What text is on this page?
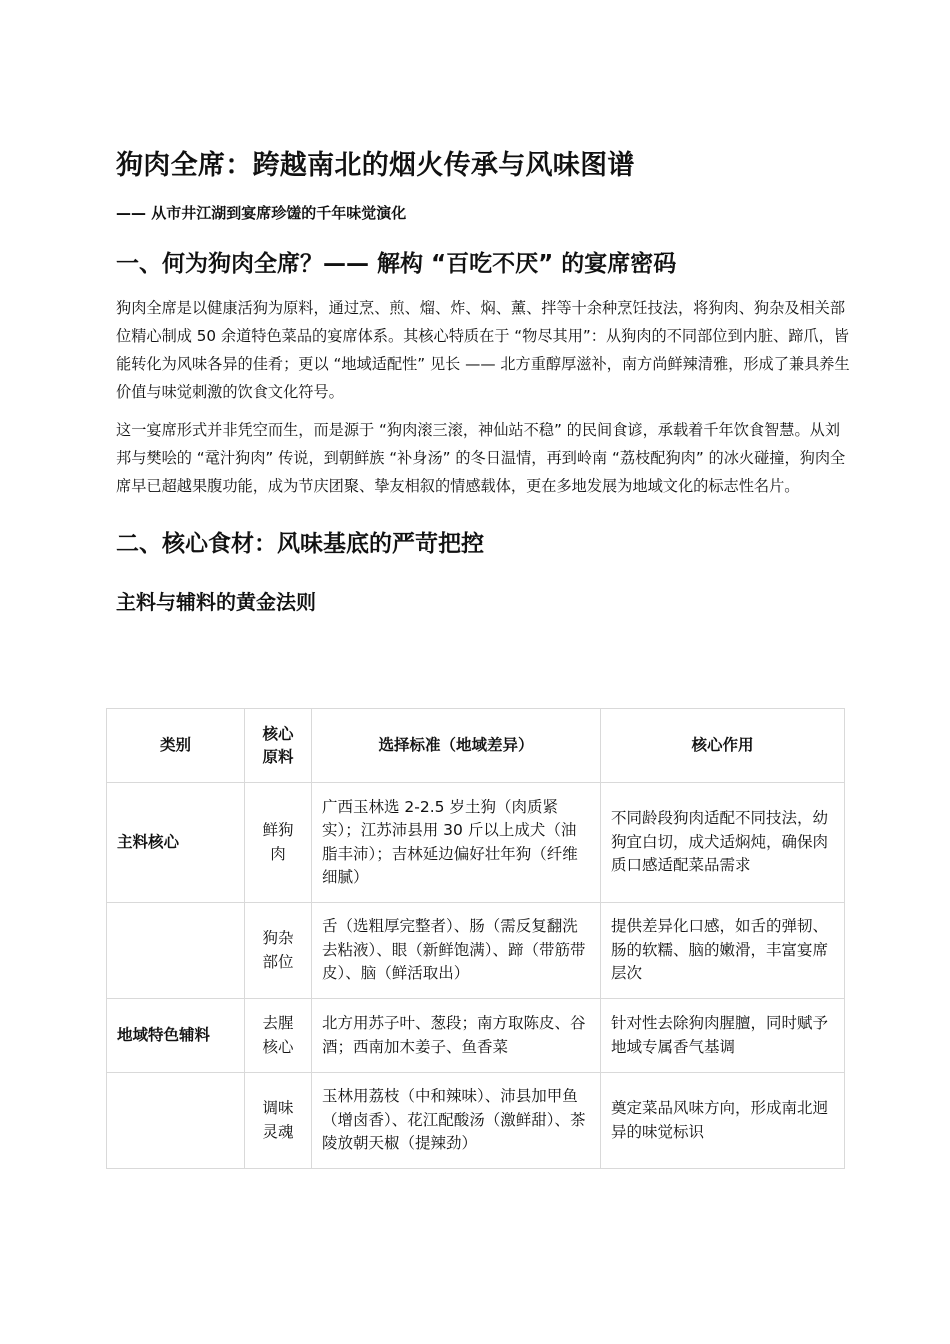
狗肉全席：跨越南北的烟火传承与风味图谱
—— 从市井江湖到宴席珍馐的千年味觉演化
一、何为狗肉全席？—— 解构 “百吃不厌” 的宴席密码

狗肉全席是以健康活狗为原料，通过烹、煎、熘、炸、焖、薰、拌等十余种烹饪技法，将狗肉、狗杂及相关部位精心制成 50 余道特色菜品的宴席体系。其核心特质在于 “物尽其用”：从狗肉的不同部位到内脏、蹄爪，皆能转化为风味各异的佳肴；更以 “地域适配性” 见长 —— 北方重醇厚滋补，南方尚鲜辣清雅，形成了兼具养生价值与味觉刺激的饮食文化符号。

这一宴席形式并非凭空而生，而是源于 “狗肉滚三滚，神仙站不稳” 的民间食谚，承载着千年饮食智慧。从刘邦与樊哙的 “鼋汁狗肉” 传说，到朝鲜族 “补身汤” 的冬日温情，再到岭南 “荔枝配狗肉” 的冰火碰撞，狗肉全席早已超越果腹功能，成为节庆团聚、挚友相叙的情感载体，更在多地发展为地域文化的标志性名片。

二、核心食材：风味基底的严苛把控
主料与辅料的黄金法则
类别	核心原料	选择标准（地域差异）	核心作用
主料核心	鲜狗肉	广西玉林选 2-2.5 岁土狗（肉质紧实）；江苏沛县用 30 斤以上成犬（油脂丰沛）；吉林延边偏好壮年狗（纤维细腻）	不同龄段狗肉适配不同技法，幼狗宜白切，成犬适焖炖，确保肉质口感适配菜品需求
	狗杂部位	舌（选粗厚完整者）、肠（需反复翻洗去粘液）、眼（新鲜饱满）、蹄（带筋带皮）、脑（鲜活取出）	提供差异化口感，如舌的弹韧、肠的软糯、脑的嫩滑，丰富宴席层次
地域特色辅料	去腥核心	北方用苏子叶、葱段；南方取陈皮、谷酒；西南加木姜子、鱼香菜	针对性去除狗肉腥膻，同时赋予地域专属香气基调
	调味灵魂	玉林用荔枝（中和辣味）、沛县加甲鱼（增卤香）、花江配酸汤（激鲜甜）、茶陵放朝天椒（提辣劲）	奠定菜品风味方向，形成南北迥异的味觉标识
